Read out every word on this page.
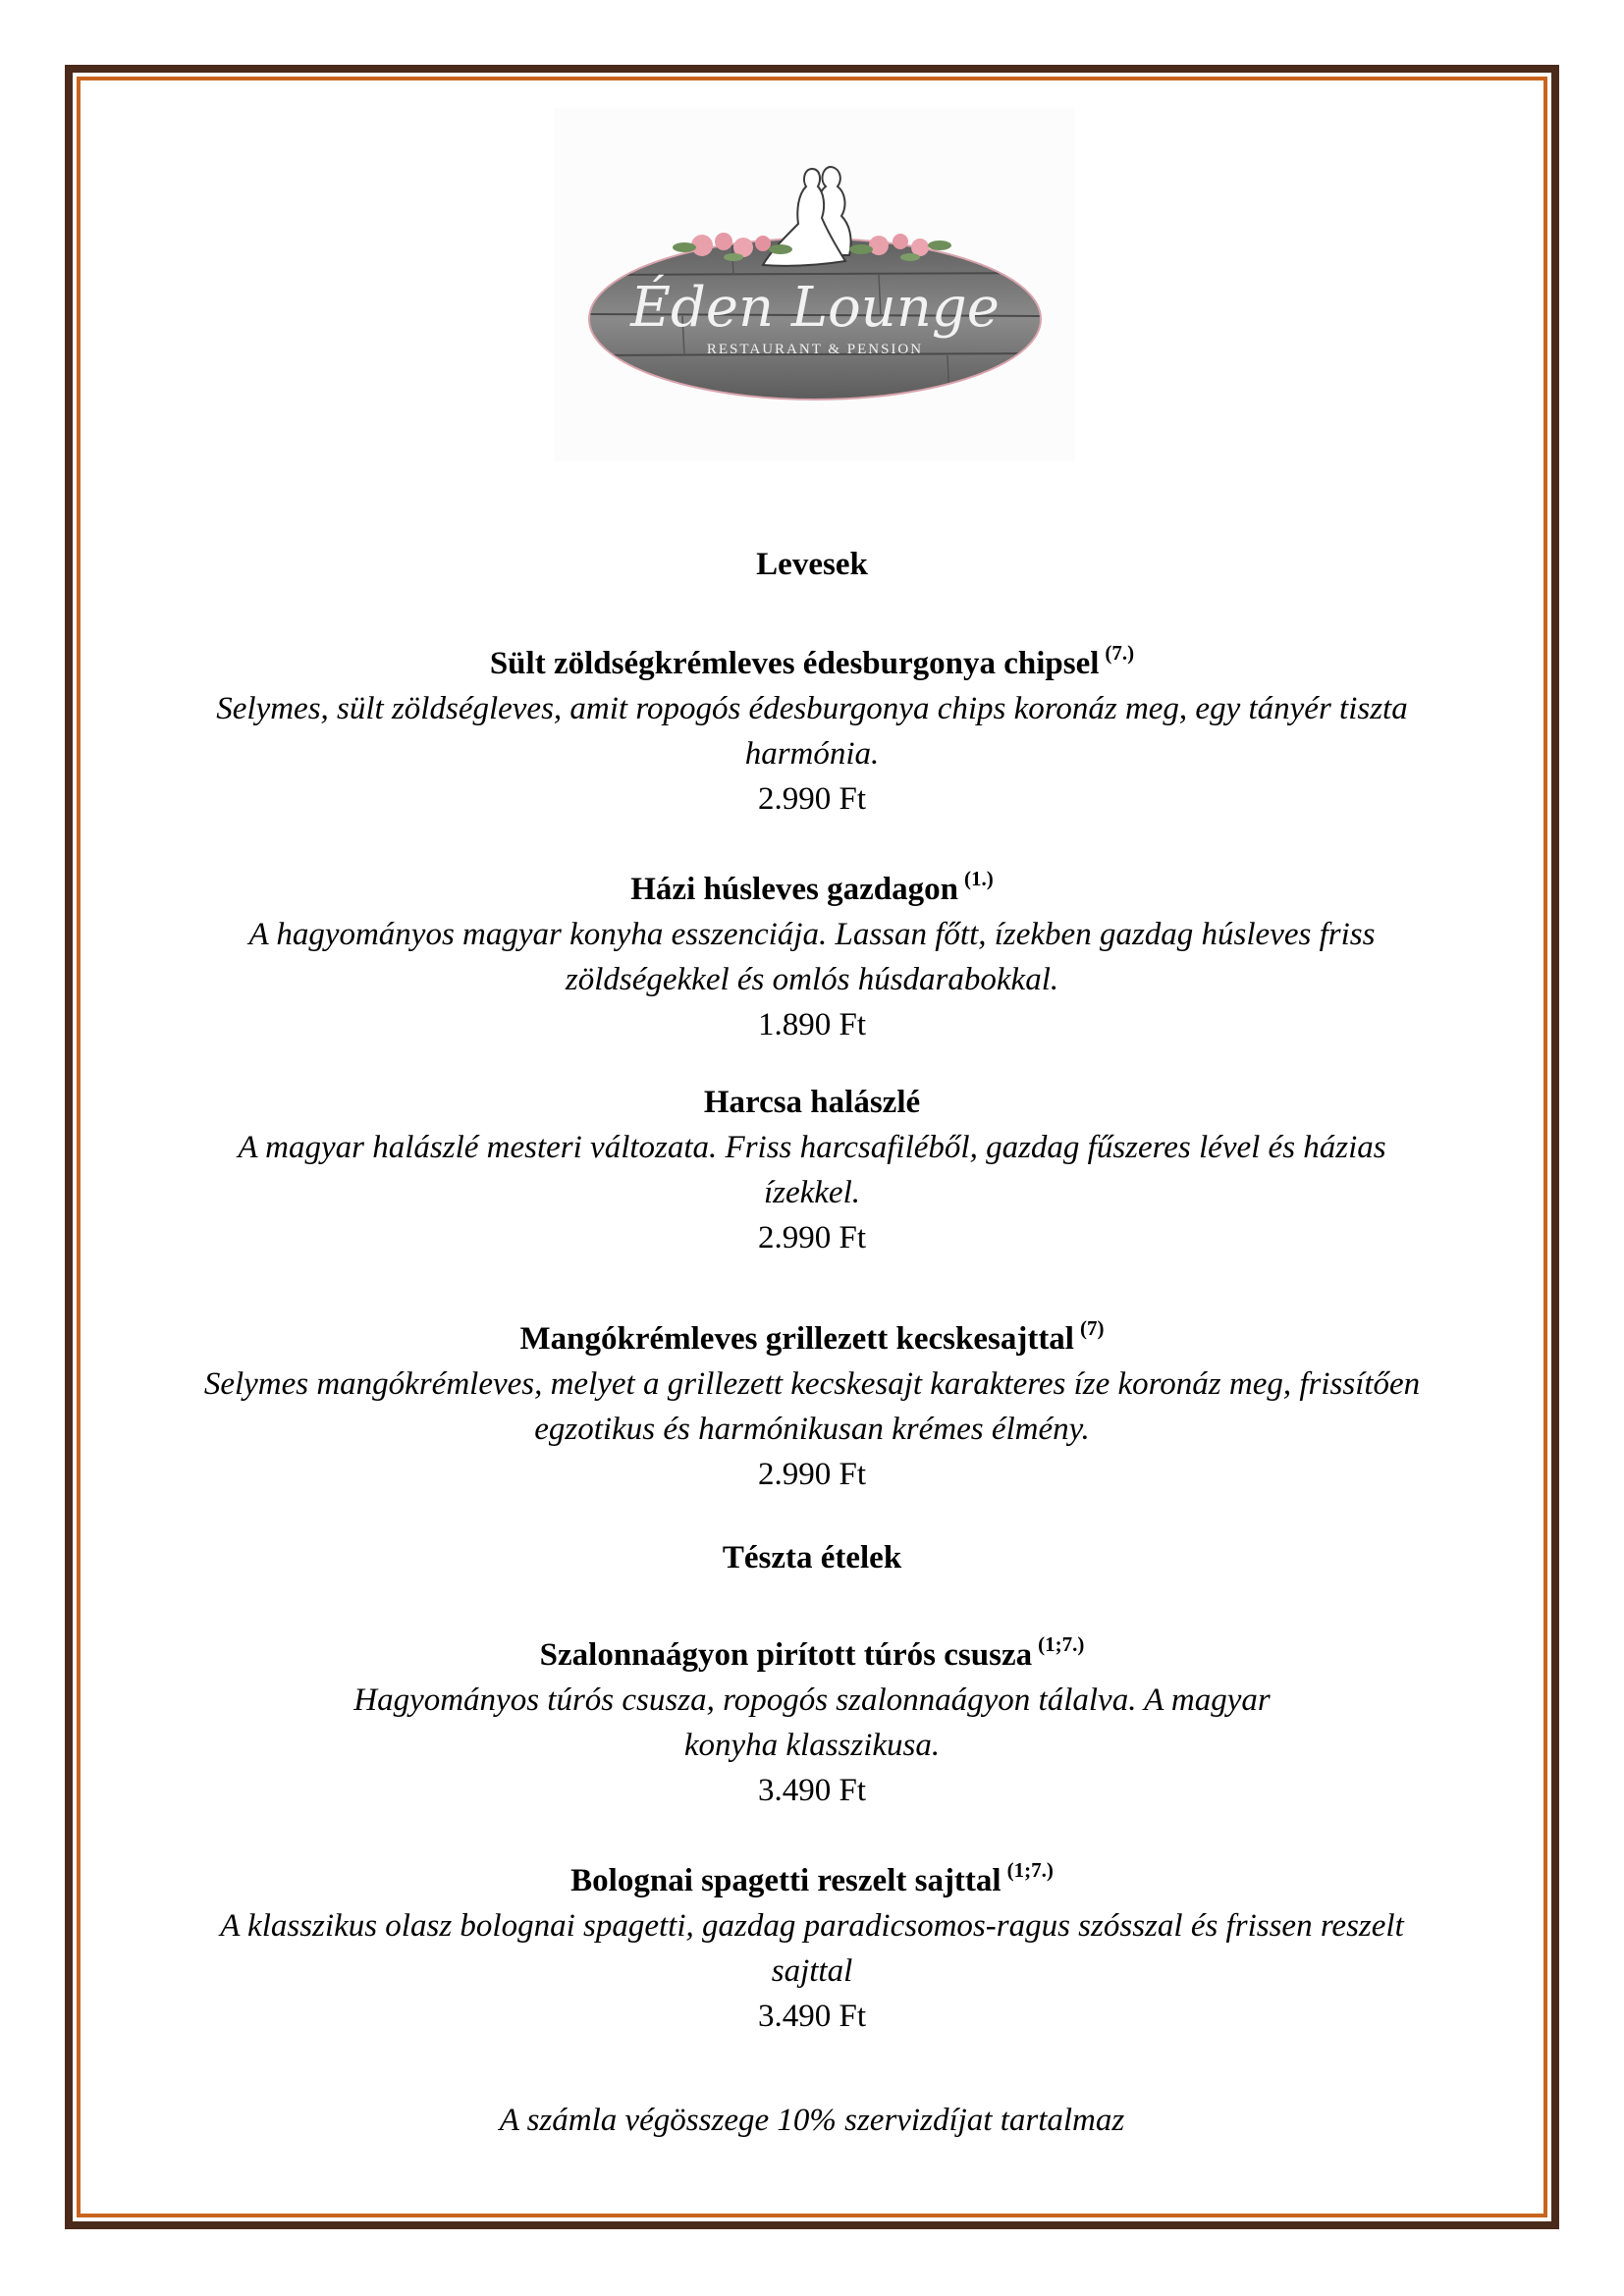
Éden Lounge
RESTAURANT & PENSION
Levesek
Sült zöldségkrémleves édesburgonya chipsel $^{(7.)}$
Selymes, sült zöldségleves, amit ropogós édesburgonya chips koronáz meg, egy tányér tiszta harmónia.
2.990 Ft
Házi húsleves gazdagon $^{(1.)}$
A hagyományos magyar konyha esszenciája. Lassan főtt, ízekben gazdag húsleves friss zöldségekkel és omlós húsdarabokkal.
1.890 Ft
Harcsa halászlé
A magyar halászlé mesteri változata. Friss harcsafiléből, gazdag fűszeres lével és házias ízekkel.
2.990 Ft
Mangókrémleves grillezett kecskesajttal $^{(7)}$
Selymes mangókrémleves, melyet a grillezett kecskesajt karakteres íze koronáz meg, frissítően egzotikus és harmónikusan krémes élmény.
2.990 Ft
Tészta ételek
Szalonnaágyon pirított túrós csusza $^{(1;7.)}$
Hagyományos túrós csusza, ropogós szalonnaágyon tálalva. A magyar konyha klasszikusa.
3.490 Ft
Bolognai spagetti reszelt sajttal $^{(1;7.)}$
A klasszikus olasz bolognai spagetti, gazdag paradicsomos-ragus szósszal és frissen reszelt sajttal
3.490 Ft
A számla végösszege 10% szervizdíjat tartalmaz
